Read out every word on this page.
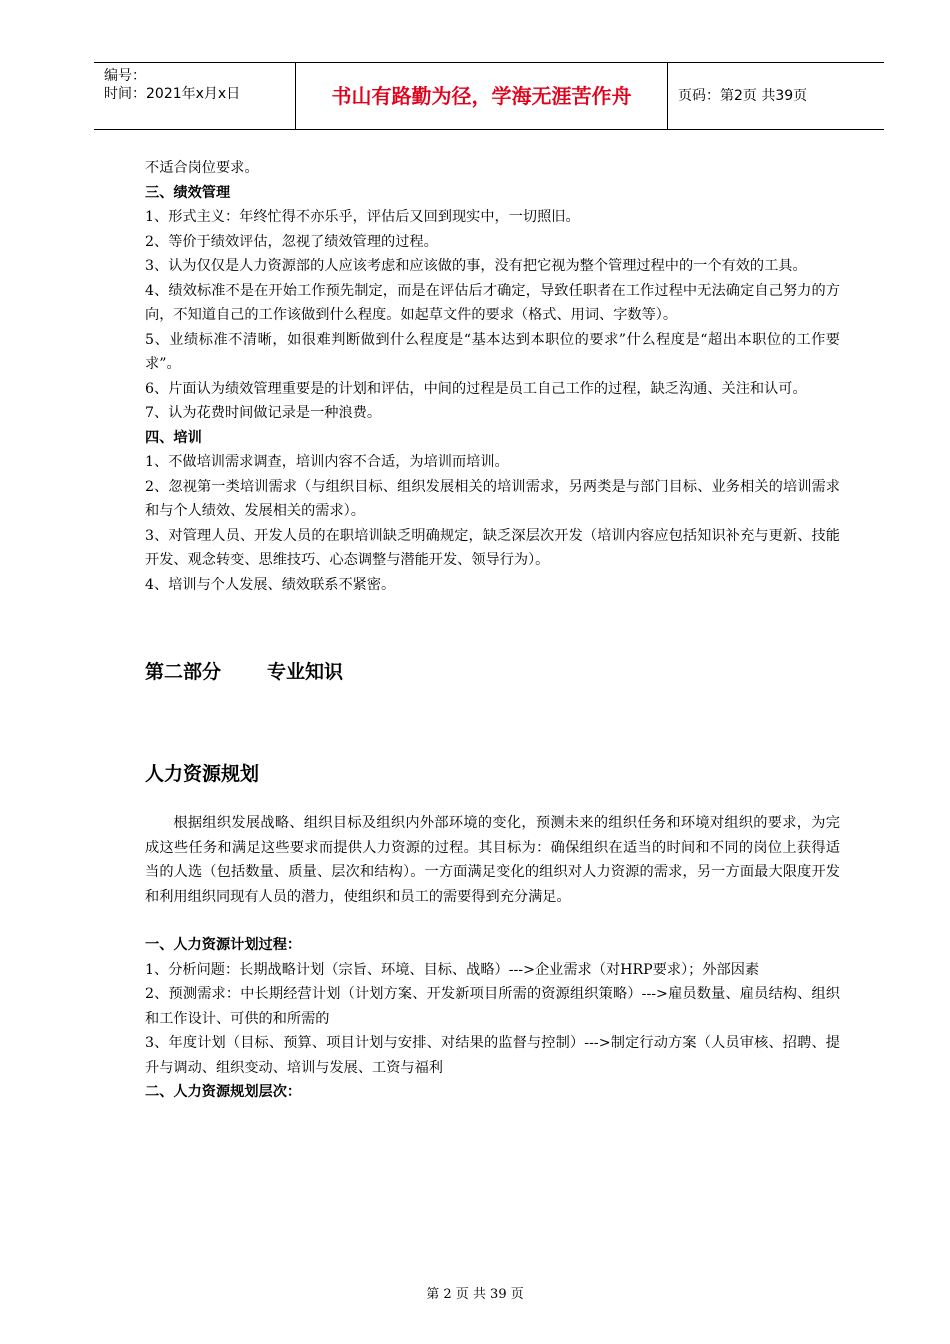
编号：
时间：2021年x月x日	书山有路勤为径，学海无涯苦作舟	页码：第2页 共39页

不适合岗位要求。

三、绩效管理

1、形式主义：年终忙得不亦乐乎，评估后又回到现实中，一切照旧。

2、等价于绩效评估，忽视了绩效管理的过程。

3、认为仅仅是人力资源部的人应该考虑和应该做的事，没有把它视为整个管理过程中的一个有效的工具。

4、绩效标准不是在开始工作预先制定，而是在评估后才确定，导致任职者在工作过程中无法确定自己努力的方向，不知道自己的工作该做到什么程度。如起草文件的要求（格式、用词、字数等）。

5、业绩标准不清晰，如很难判断做到什么程度是“基本达到本职位的要求”什么程度是“超出本职位的工作要求”。

6、片面认为绩效管理重要是的计划和评估，中间的过程是员工自己工作的过程，缺乏沟通、关注和认可。

7、认为花费时间做记录是一种浪费。

四、培训

1、不做培训需求调查，培训内容不合适，为培训而培训。

2、忽视第一类培训需求（与组织目标、组织发展相关的培训需求，另两类是与部门目标、业务相关的培训需求和与个人绩效、发展相关的需求）。

3、对管理人员、开发人员的在职培训缺乏明确规定，缺乏深层次开发（培训内容应包括知识补充与更新、技能开发、观念转变、思维技巧、心态调整与潜能开发、领导行为）。

4、培训与个人发展、绩效联系不紧密。

第二部分 专业知识

人力资源规划

根据组织发展战略、组织目标及组织内外部环境的变化，预测未来的组织任务和环境对组织的要求，为完成这些任务和满足这些要求而提供人力资源的过程。其目标为：确保组织在适当的时间和不同的岗位上获得适当的人选（包括数量、质量、层次和结构）。一方面满足变化的组织对人力资源的需求，另一方面最大限度开发和利用组织同现有人员的潜力，使组织和员工的需要得到充分满足。

一、人力资源计划过程：

1、分析问题：长期战略计划（宗旨、环境、目标、战略）--->企业需求（对HRP要求）；外部因素

2、预测需求：中长期经营计划（计划方案、开发新项目所需的资源组织策略）--->雇员数量、雇员结构、组织和工作设计、可供的和所需的

3、年度计划（目标、预算、项目计划与安排、对结果的监督与控制）--->制定行动方案（人员审核、招聘、提升与调动、组织变动、培训与发展、工资与福利

二、人力资源规划层次：

第 2 页 共 39 页
